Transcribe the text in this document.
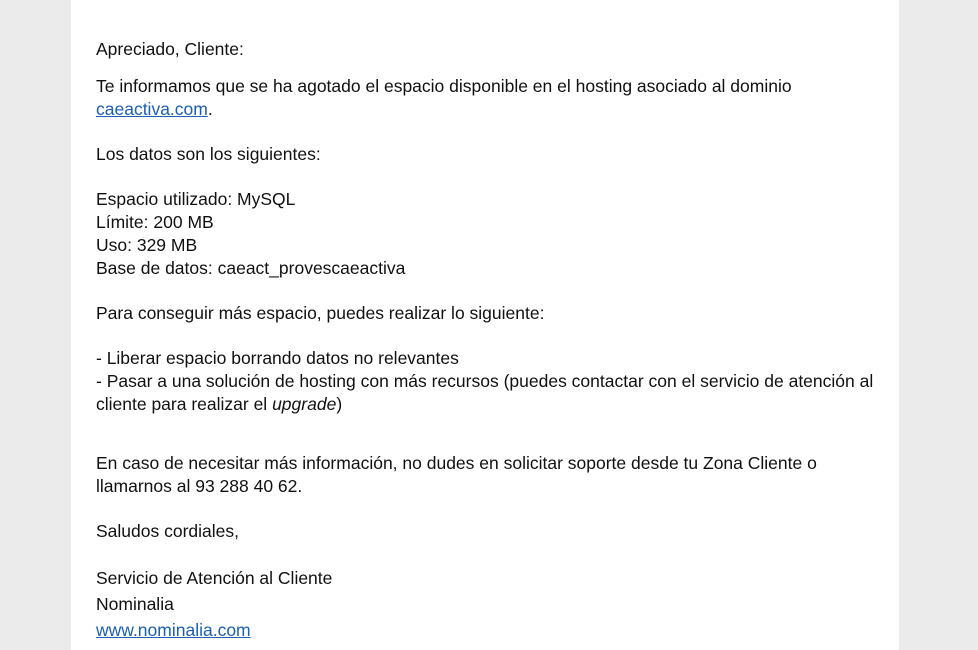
Apreciado, Cliente:

Te informamos que se ha agotado el espacio disponible en el hosting asociado al dominio
caeactiva.com.

Los datos son los siguientes:

Espacio utilizado: MySQL

Límite: 200 MB

Uso: 329 MB

Base de datos: caeact_provescaeactiva

Para conseguir más espacio, puedes realizar lo siguiente:

- Liberar espacio borrando datos no relevantes

- Pasar a una solución de hosting con más recursos (puedes contactar con el servicio de atención al cliente para realizar el upgrade)

En caso de necesitar más información, no dudes en solicitar soporte desde tu Zona Cliente o llamarnos al 93 288 40 62.

Saludos cordiales,

Servicio de Atención al Cliente

Nominalia

www.nominalia.com
